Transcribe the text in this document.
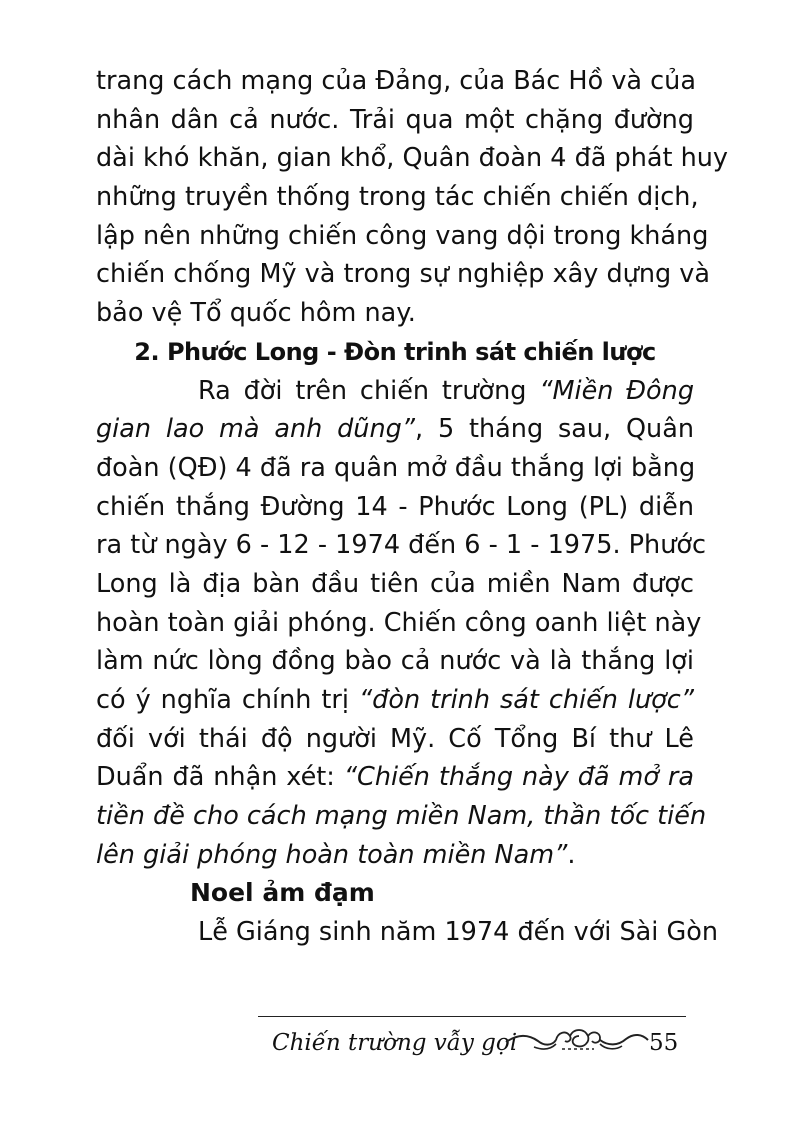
trang cách mạng của Đảng, của Bác Hồ và của
nhân dân cả nước. Trải qua một chặng đường
dài khó khăn, gian khổ, Quân đoàn 4 đã phát huy
những truyền thống trong tác chiến chiến dịch,
lập nên những chiến công vang dội trong kháng
chiến chống Mỹ và trong sự nghiệp xây dựng và
bảo vệ Tổ quốc hôm nay.
2. Phước Long - Đòn trinh sát chiến lược
Ra đời trên chiến trường “Miền Đông
gian lao mà anh dũng”, 5 tháng sau, Quân
đoàn (QĐ) 4 đã ra quân mở đầu thắng lợi bằng
chiến thắng Đường 14 - Phước Long (PL) diễn
ra từ ngày 6 - 12 - 1974 đến 6 - 1 - 1975. Phước
Long là địa bàn đầu tiên của miền Nam được
hoàn toàn giải phóng. Chiến công oanh liệt này
làm nức lòng đồng bào cả nước và là thắng lợi
có ý nghĩa chính trị “đòn trinh sát chiến lược”
đối với thái độ người Mỹ. Cố Tổng Bí thư Lê
Duẩn đã nhận xét: “Chiến thắng này đã mở ra
tiền đề cho cách mạng miền Nam, thần tốc tiến
lên giải phóng hoàn toàn miền Nam”.
Noel ảm đạm
Lễ Giáng sinh năm 1974 đến với Sài Gòn
Chiến trường vẫy gọi	55
